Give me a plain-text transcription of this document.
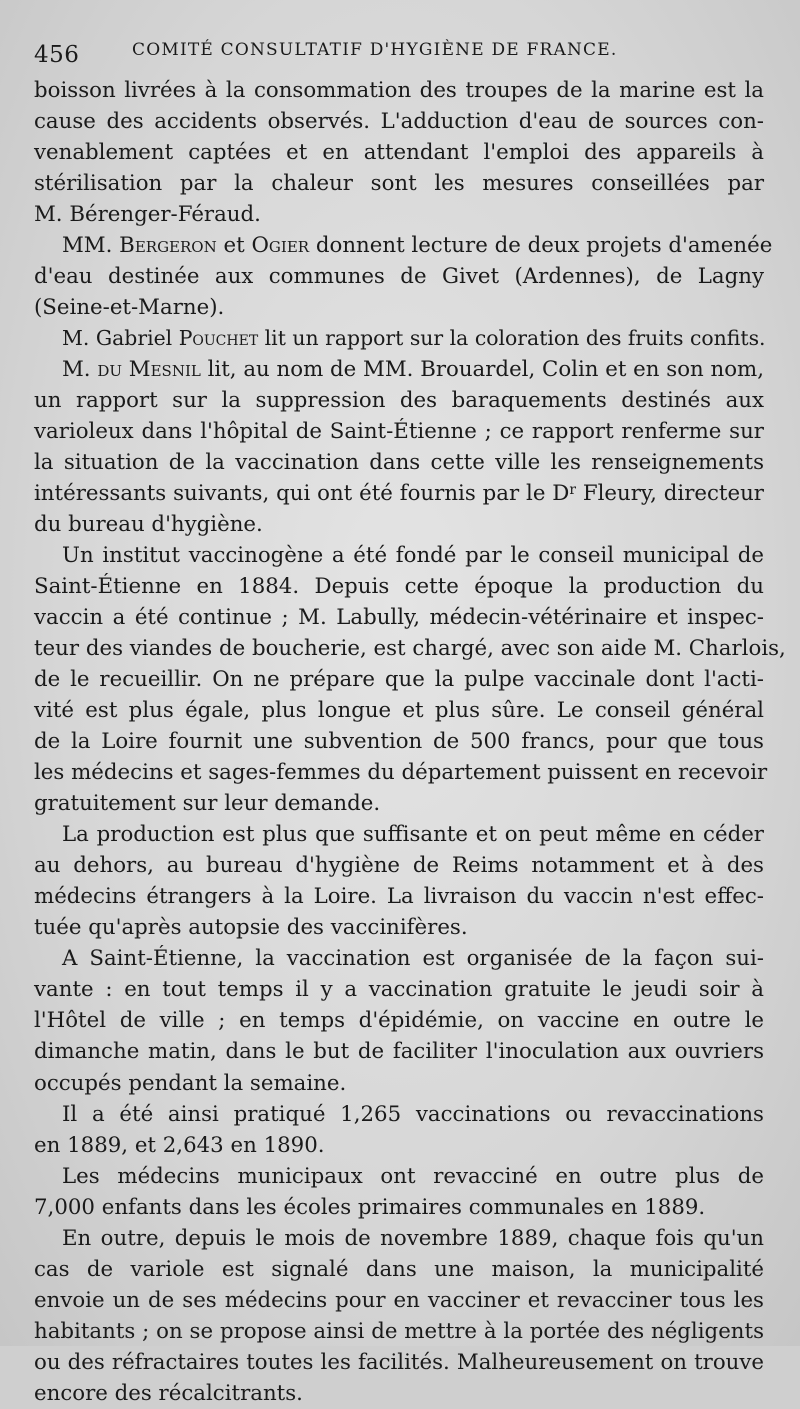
456	COMITÉ CONSULTATIF D'HYGIÈNE DE FRANCE.
boisson livrées à la consommation des troupes de la marine est la
cause des accidents observés. L'adduction d'eau de sources con-
venablement captées et en attendant l'emploi des appareils à
stérilisation par la chaleur sont les mesures conseillées par
M. Bérenger-Féraud.
MM. Bergeron et Ogier donnent lecture de deux projets d'amenée
d'eau destinée aux communes de Givet (Ardennes), de Lagny
(Seine-et-Marne).
M. Gabriel Pouchet lit un rapport sur la coloration des fruits confits.
M. du Mesnil lit, au nom de MM. Brouardel, Colin et en son nom,
un rapport sur la suppression des baraquements destinés aux
varioleux dans l'hôpital de Saint-Étienne ; ce rapport renferme sur
la situation de la vaccination dans cette ville les renseignements
intéressants suivants, qui ont été fournis par le $D^r$ Fleury, directeur
du bureau d'hygiène.
Un institut vaccinogène a été fondé par le conseil municipal de
Saint-Étienne en 1884. Depuis cette époque la production du
vaccin a été continue ; M. Labully, médecin-vétérinaire et inspec-
teur des viandes de boucherie, est chargé, avec son aide M. Charlois,
de le recueillir. On ne prépare que la pulpe vaccinale dont l'acti-
vité est plus égale, plus longue et plus sûre. Le conseil général
de la Loire fournit une subvention de 500 francs, pour que tous
les médecins et sages-femmes du département puissent en recevoir
gratuitement sur leur demande.
La production est plus que suffisante et on peut même en céder
au dehors, au bureau d'hygiène de Reims notamment et à des
médecins étrangers à la Loire. La livraison du vaccin n'est effec-
tuée qu'après autopsie des vaccinifères.
A Saint-Étienne, la vaccination est organisée de la façon sui-
vante : en tout temps il y a vaccination gratuite le jeudi soir à
l'Hôtel de ville ; en temps d'épidémie, on vaccine en outre le
dimanche matin, dans le but de faciliter l'inoculation aux ouvriers
occupés pendant la semaine.
Il a été ainsi pratiqué 1,265 vaccinations ou revaccinations
en 1889, et 2,643 en 1890.
Les médecins municipaux ont revacciné en outre plus de
7,000 enfants dans les écoles primaires communales en 1889.
En outre, depuis le mois de novembre 1889, chaque fois qu'un
cas de variole est signalé dans une maison, la municipalité
envoie un de ses médecins pour en vacciner et revacciner tous les
habitants ; on se propose ainsi de mettre à la portée des négligents
ou des réfractaires toutes les facilités. Malheureusement on trouve
encore des récalcitrants.
